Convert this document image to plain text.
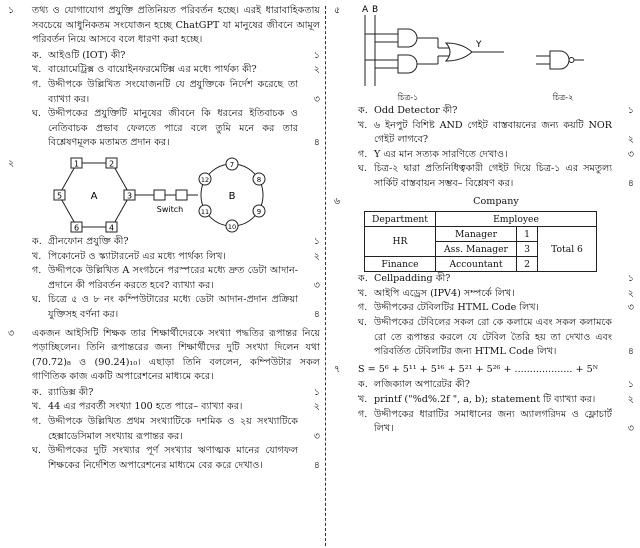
১	তথ্য ও যোগাযোগ প্রযুক্তি প্রতিনিয়ত পরিবর্তন হচ্ছে। এরই ধারাবাহিকতায় সবচেয়ে আধুনিকতম সংযোজন হচ্ছে ChatGPT যা মানুষের জীবনে আমূল পরিবর্তন নিয়ে আসবে বলে ধারণা করা হচ্ছে।
ক. আইওটি (IOT) কী?	১
খ. বায়োমেট্রিক্স ও বায়োইনফরমেটিক্স এর মধ্যে পার্থক্য কী?	২
গ. উদ্দীপকে উল্লিখিত সংযোজনটি যে প্রযুক্তিকে নির্দেশ করেছে তা ব্যাখ্যা কর।	৩
ঘ. উদ্দীপকের প্রযুক্তিটি মানুষের জীবনে কি ধরনের ইতিবাচক ও নেতিবাচক প্রভাব ফেলতে পারে বলে তুমি মনে কর তার বিশ্লেষণমূলক মতামত প্রদান কর।	৪
২	1	2
3
4
5
6
A
Switch
7
8
9
10
11
12
B
ক. গ্রীনফোন প্রযুক্তি কী?	১
খ. পিকোনেট ও স্ক্যাটারনেট এর মধ্যে পার্থক্য লিখ।	২
গ. উদ্দীপকে উল্লিখিত A সংগঠনে পরস্পরের মধ্যে দ্রুত ডেটা আদান-প্রদানে কী পরিবর্তন করতে হবে? ব্যাখ্যা কর।	৩
ঘ. চিত্রে ৫ ও ৮ নং কম্পিউটারের মধ্যে ডেটা আদান-প্রদান প্রক্রিয়া যুক্তিসহ বর্ণনা কর।	৪
৩	একজন আইসিটি শিক্ষক তার শিক্ষার্থীদেরকে সংখ্যা পদ্ধতির রূপান্তর নিয়ে পড়াচ্ছিলেন। তিনি রূপান্তরের জন্য শিক্ষার্থীদের দুটি সংখ্যা দিলেন যথা (70.72)₈ ও (90.24)₁₀। এছাড়া তিনি বললেন, কম্পিউটার সকল গাণিতিক কাজ একটি অপারেশনের মাধ্যমে করে।
ক. র‍্যাডিক্স কী?	১
খ. 44 এর পরবর্তী সংখ্যা 100 হতে পারে– ব্যাখ্যা কর।	২
গ. উদ্দীপকে উল্লিখিত প্রথম সংখ্যাটিকে দশমিক ও ২য় সংখ্যাটিকে হেক্সাডেসিমাল সংখ্যায় রূপান্তর কর।	৩
ঘ. উদ্দীপকের দুটি সংখ্যার পূর্ণ সংখ্যার ঋণাত্মক মানের যোগফল শিক্ষকের নির্দেশিত অপারেশনের মাধ্যমে বের করে দেখাও।	৪
৫	A B
Y
চিত্র-১	চিত্র-২
ক. Odd Detector কী?	১
খ. ৬ ইনপুট বিশিষ্ট AND গেইট বাস্তবায়নের জন্য কয়টি NOR গেইট লাগবে?	২
গ. Y এর মান সত্যক সারণিতে দেখাও।	৩
ঘ. চিত্র-২ দ্বারা প্রতিনিধিত্বকারী গেইট দিয়ে চিত্র-১ এর সমতুল্য সার্কিট বাস্তবায়ন সম্ভব– বিশ্লেষণ কর।	৪
৬	Company
Department	Employee		
HR	Manager	1	Total 6
	Ass. Manager	3	
Finance	Accountant	2	
ক. Cellpadding কী?	১
খ. আইপি এড্রেস (IPV4) সম্পর্কে লিখ।	২
গ. উদ্দীপকের টেবিলটির HTML Code লিখ।	৩
ঘ. উদ্দীপকের টেবিলের সকল রো কে কলামে এবং সকল কলামকে রো তে রূপান্তর করলে যে টেবিল তৈরি হয় তা দেখাও এবং পরিবর্তিত টেবিলটির জন্য HTML Code লিখ।	৪
৭	S = 5⁶ + 5¹¹ + 5¹⁶ + 5²¹ + 5²⁶ + ................... + 5ᴺ
ক. লজিক্যাল অপারেটর কী?	১
খ. printf ("%d%.2f ", a, b); statement টি ব্যাখ্যা কর।	২
গ. উদ্দীপকের ধারাটির সমাধানের জন্য অ্যালগরিদম ও ফ্লোচার্ট লিখ।	৩
